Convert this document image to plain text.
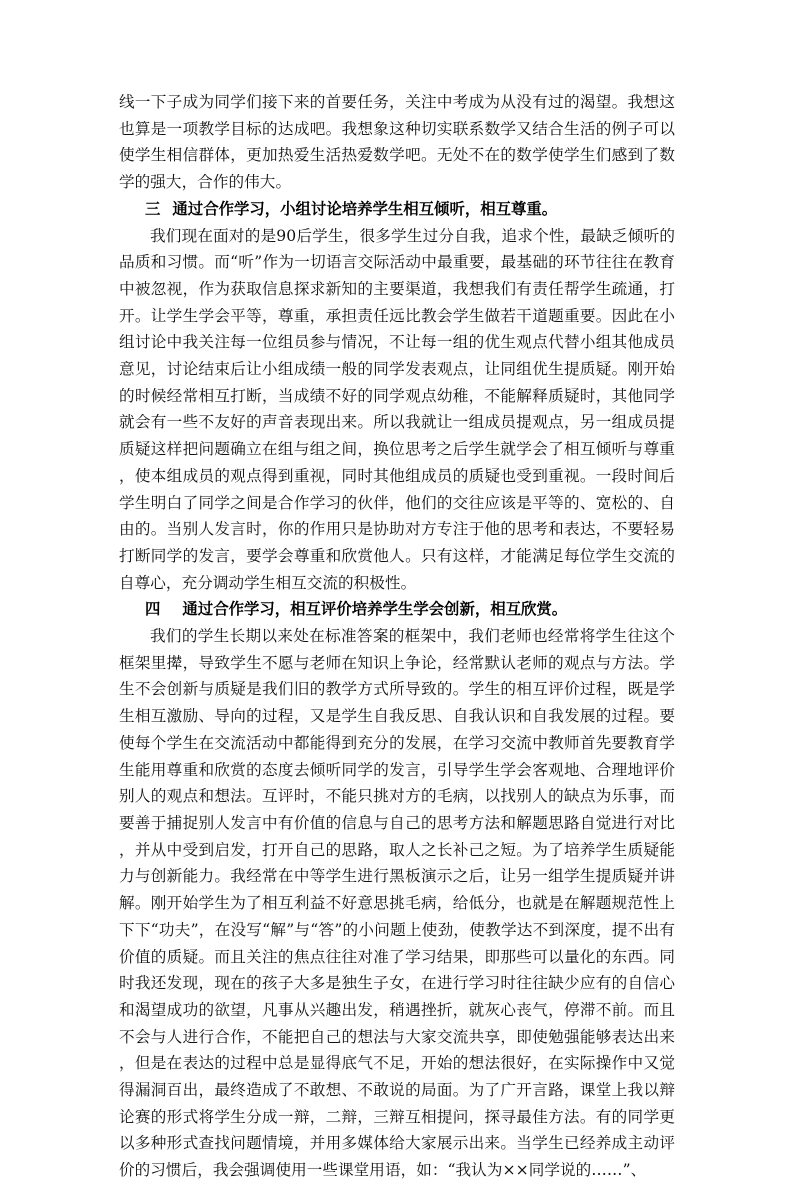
线一下子成为同学们接下来的首要任务，关注中考成为从没有过的渴望。我想这也算是一项教学目标的达成吧。我想象这种切实联系数学又结合生活的例子可以使学生相信群体，更加热爱生活热爱数学吧。无处不在的数学使学生们感到了数学的强大，合作的伟大。

三 通过合作学习，小组讨论培养学生相互倾听，相互尊重。

我们现在面对的是90后学生，很多学生过分自我，追求个性，最缺乏倾听的品质和习惯。而“听”作为一切语言交际活动中最重要，最基础的环节往往在教育中被忽视，作为获取信息探求新知的主要渠道，我想我们有责任帮学生疏通，打开。让学生学会平等，尊重，承担责任远比教会学生做若干道题重要。因此在小组讨论中我关注每一位组员参与情况，不让每一组的优生观点代替小组其他成员意见，讨论结束后让小组成绩一般的同学发表观点，让同组优生提质疑。刚开始的时候经常相互打断，当成绩不好的同学观点幼稚，不能解释质疑时，其他同学就会有一些不友好的声音表现出来。所以我就让一组成员提观点，另一组成员提质疑这样把问题确立在组与组之间，换位思考之后学生就学会了相互倾听与尊重，使本组成员的观点得到重视，同时其他组成员的质疑也受到重视。一段时间后学生明白了同学之间是合作学习的伙伴，他们的交往应该是平等的、宽松的、自由的。当别人发言时，你的作用只是协助对方专注于他的思考和表达，不要轻易打断同学的发言，要学会尊重和欣赏他人。只有这样，才能满足每位学生交流的自尊心，充分调动学生相互交流的积极性。

四 通过合作学习，相互评价培养学生学会创新，相互欣赏。

我们的学生长期以来处在标准答案的框架中，我们老师也经常将学生往这个框架里撵，导致学生不愿与老师在知识上争论，经常默认老师的观点与方法。学生不会创新与质疑是我们旧的教学方式所导致的。学生的相互评价过程，既是学生相互激励、导向的过程，又是学生自我反思、自我认识和自我发展的过程。要使每个学生在交流活动中都能得到充分的发展，在学习交流中教师首先要教育学生能用尊重和欣赏的态度去倾听同学的发言，引导学生学会客观地、合理地评价别人的观点和想法。互评时，不能只挑对方的毛病，以找别人的缺点为乐事，而要善于捕捉别人发言中有价值的信息与自己的思考方法和解题思路自觉进行对比，并从中受到启发，打开自己的思路，取人之长补己之短。为了培养学生质疑能力与创新能力。我经常在中等学生进行黑板演示之后，让另一组学生提质疑并讲解。刚开始学生为了相互利益不好意思挑毛病，给低分，也就是在解题规范性上下下“功夫”，在没写“解”与“答”的小问题上使劲，使教学达不到深度，提不出有价值的质疑。而且关注的焦点往往对准了学习结果，即那些可以量化的东西。同时我还发现，现在的孩子大多是独生子女，在进行学习时往往缺少应有的自信心和渴望成功的欲望，凡事从兴趣出发，稍遇挫折，就灰心丧气，停滞不前。而且不会与人进行合作，不能把自己的想法与大家交流共享，即使勉强能够表达出来，但是在表达的过程中总是显得底气不足，开始的想法很好，在实际操作中又觉得漏洞百出，最终造成了不敢想、不敢说的局面。为了广开言路，课堂上我以辩论赛的形式将学生分成一辩，二辩，三辩互相提问，探寻最佳方法。有的同学更以多种形式查找问题情境，并用多媒体给大家展示出来。当学生已经养成主动评价的习惯后，我会强调使用一些课堂用语，如：“我认为××同学说的……”、
